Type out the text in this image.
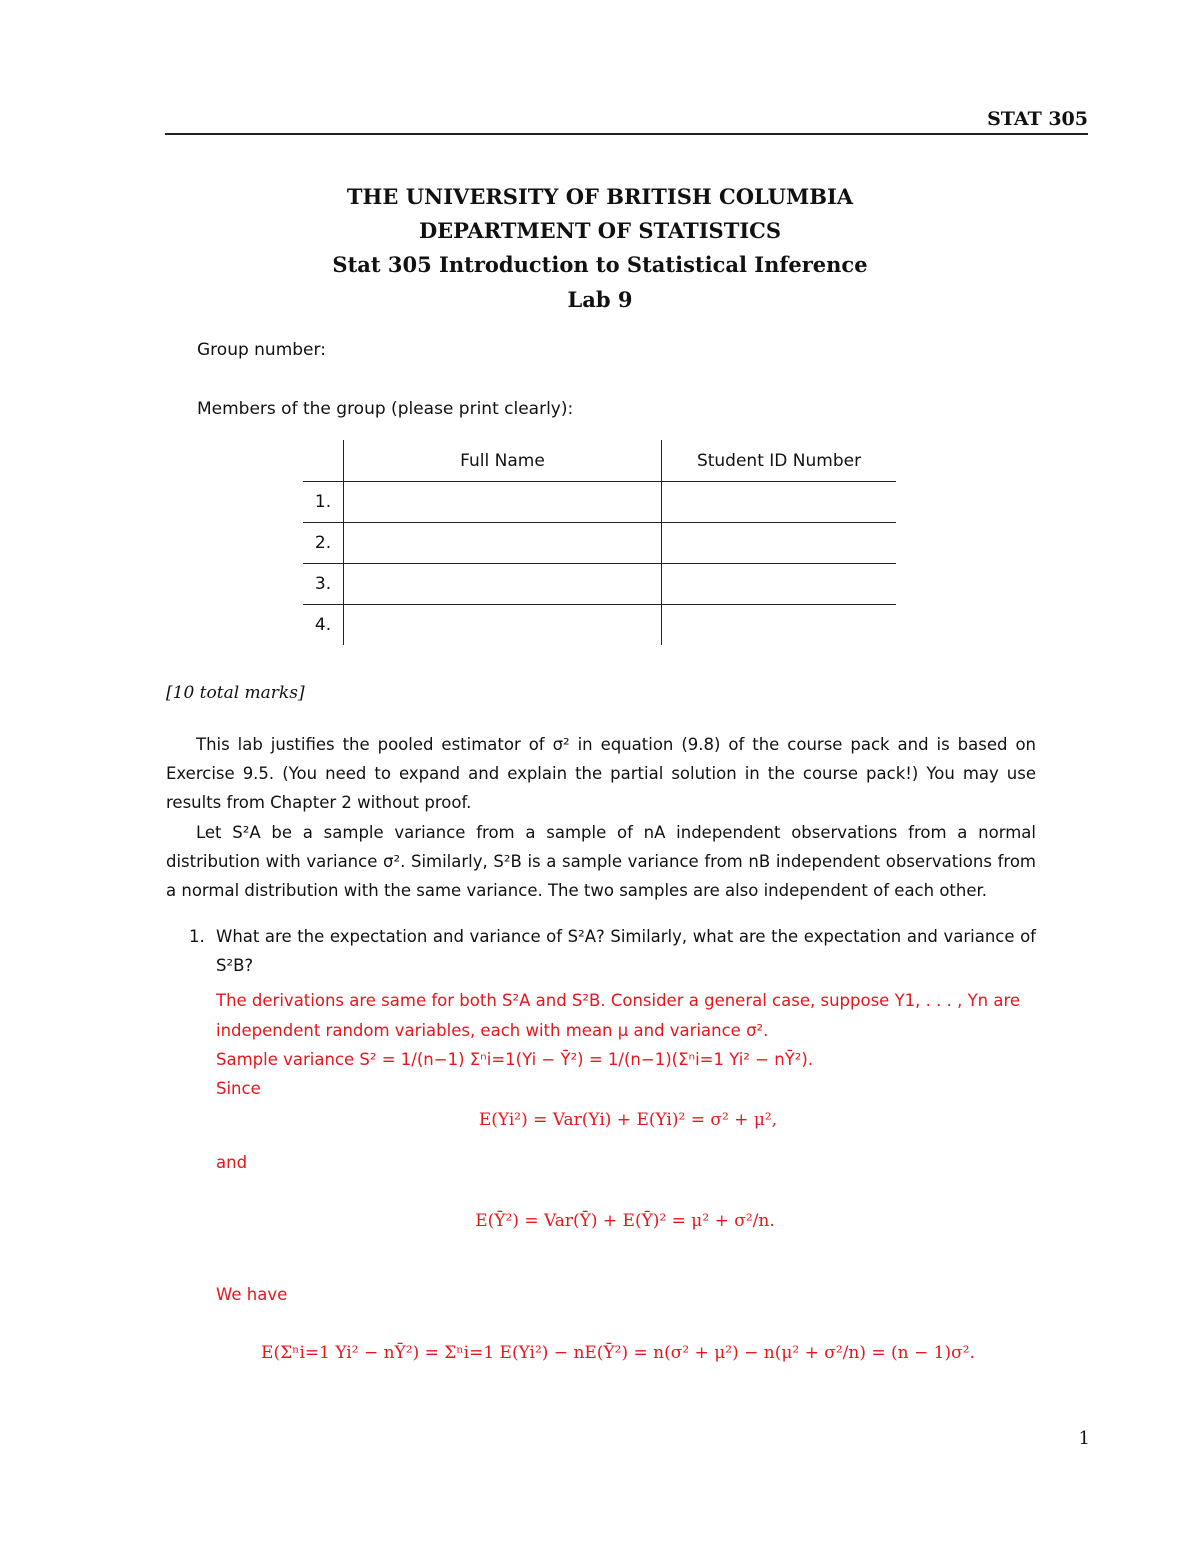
STAT 305
THE UNIVERSITY OF BRITISH COLUMBIA
DEPARTMENT OF STATISTICS
Stat 305 Introduction to Statistical Inference
Lab 9
Group number:
Members of the group (please print clearly):
	Full Name	Student ID Number
1.		
2.		
3.		
4.		
[10 total marks]
This lab justifies the pooled estimator of σ² in equation (9.8) of the course pack and is based on Exercise 9.5. (You need to expand and explain the partial solution in the course pack!) You may use results from Chapter 2 without proof.
Let S²A be a sample variance from a sample of nA independent observations from a normal distribution with variance σ². Similarly, S²B is a sample variance from nB independent observations from a normal distribution with the same variance. The two samples are also independent of each other.
1. What are the expectation and variance of S²A? Similarly, what are the expectation and variance of S²B?
The derivations are same for both S²A and S²B. Consider a general case, suppose Y1, . . . , Yn are
independent random variables, each with mean μ and variance σ².
Sample variance S² = 1/(n−1) Σⁿi=1(Yi − Ȳ²) = 1/(n−1)(Σⁿi=1 Yi² − nȲ²).
Since
E(Yi²) = Var(Yi) + E(Yi)² = σ² + μ²,
and
E(Ȳ²) = Var(Ȳ) + E(Ȳ)² = μ² + σ²/n.
We have
E(Σⁿi=1 Yi² − nȲ²) = Σⁿi=1 E(Yi²) − nE(Ȳ²) = n(σ² + μ²) − n(μ² + σ²/n) = (n − 1)σ².
1
